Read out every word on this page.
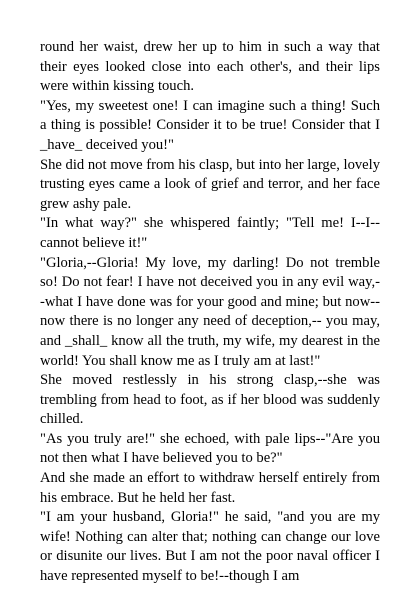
round her waist, drew her up to him in such a way that their eyes looked close into each other's, and their lips were within kissing touch.

"Yes, my sweetest one! I can imagine such a thing! Such a thing is possible! Consider it to be true! Consider that I _have_ deceived you!"

She did not move from his clasp, but into her large, lovely trusting eyes came a look of grief and terror, and her face grew ashy pale.

"In what way?" she whispered faintly; "Tell me! I--I--cannot believe it!"

"Gloria,--Gloria! My love, my darling! Do not tremble so! Do not fear! I have not deceived you in any evil way,--what I have done was for your good and mine; but now--now there is no longer any need of deception,-- you may, and _shall_ know all the truth, my wife, my dearest in the world! You shall know me as I truly am at last!"

She moved restlessly in his strong clasp,--she was trembling from head to foot, as if her blood was suddenly chilled.

"As you truly are!" she echoed, with pale lips--"Are you not then what I have believed you to be?"

And she made an effort to withdraw herself entirely from his embrace. But he held her fast.

"I am your husband, Gloria!" he said, "and you are my wife! Nothing can alter that; nothing can change our love or disunite our lives. But I am not the poor naval officer I have represented myself to be!--though I am
